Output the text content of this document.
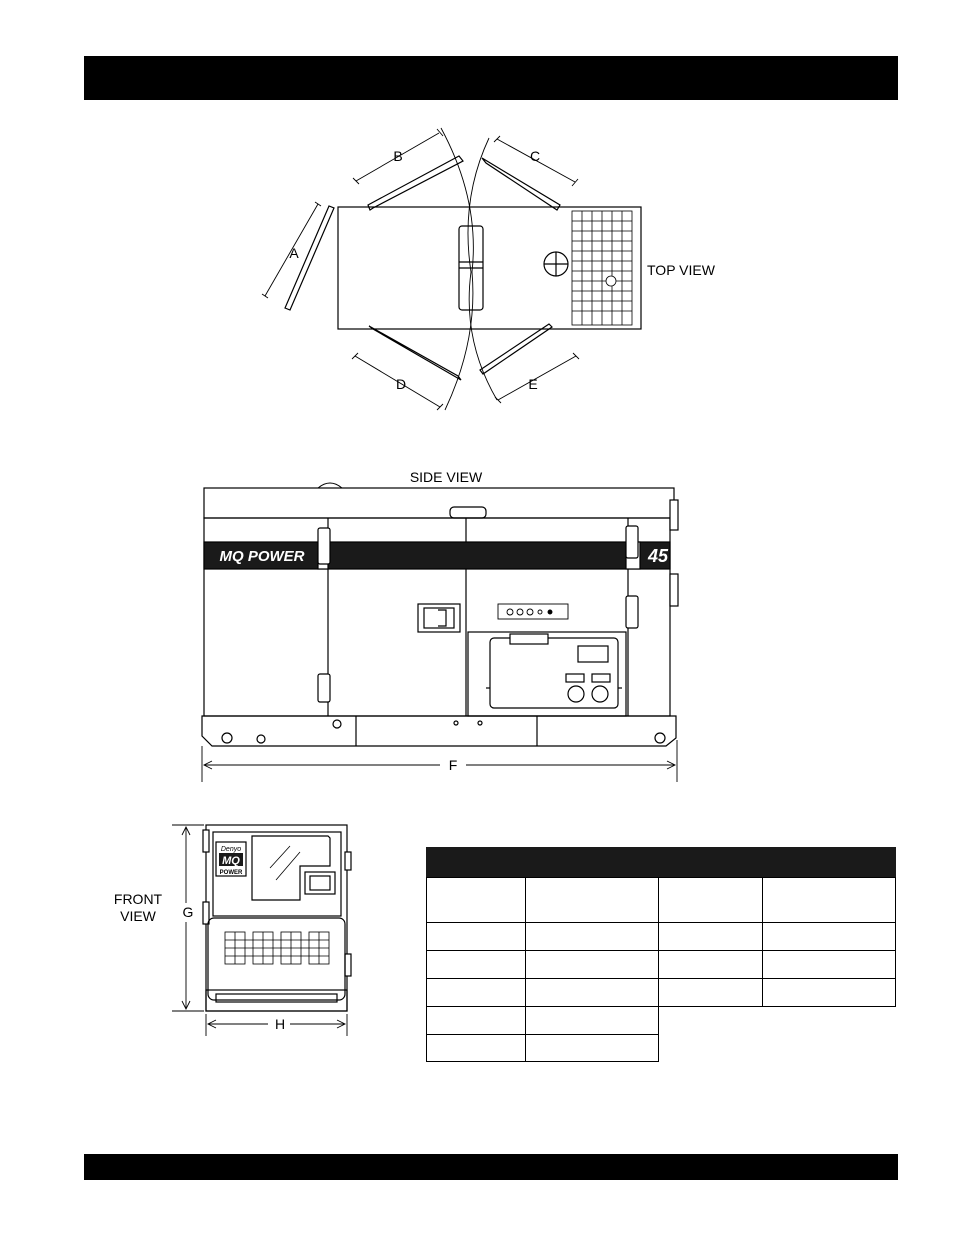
A
B	C
D	E
TOP VIEW
SIDE VIEW
MQ POWER	45
F
FRONT
VIEW
Denyo
MQ
POWER
G
H
